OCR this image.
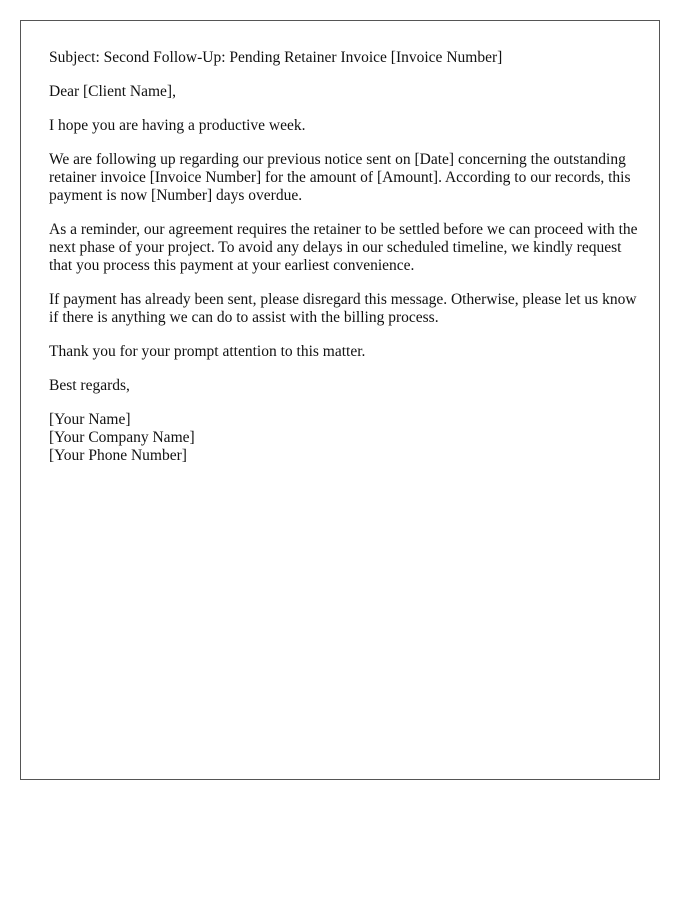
Subject: Second Follow-Up: Pending Retainer Invoice [Invoice Number]

Dear [Client Name],

I hope you are having a productive week.

We are following up regarding our previous notice sent on [Date] concerning the outstanding retainer invoice [Invoice Number] for the amount of [Amount]. According to our records, this payment is now [Number] days overdue.

As a reminder, our agreement requires the retainer to be settled before we can proceed with the next phase of your project. To avoid any delays in our scheduled timeline, we kindly request that you process this payment at your earliest convenience.

If payment has already been sent, please disregard this message. Otherwise, please let us know if there is anything we can do to assist with the billing process.

Thank you for your prompt attention to this matter.

Best regards,

[Your Name]
[Your Company Name]
[Your Phone Number]
